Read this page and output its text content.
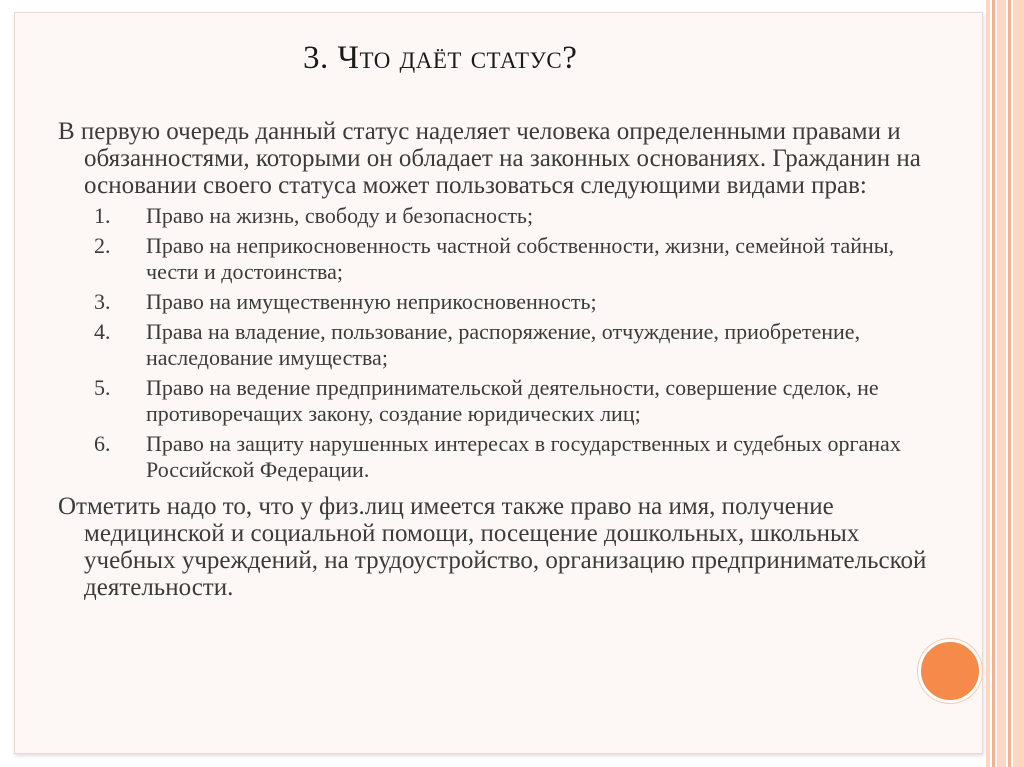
3. Что даёт статус?

В первую очередь данный статус наделяет человека определенными правами и обязанностями, которыми он обладает на законных основаниях. Гражданин на основании своего статуса может пользоваться следующими видами прав:

1. Право на жизнь, свободу и безопасность;
2. Право на неприкосновенность частной собственности, жизни, семейной тайны, чести и достоинства;
3. Право на имущественную неприкосновенность;
4. Права на владение, пользование, распоряжение, отчуждение, приобретение, наследование имущества;
5. Право на ведение предпринимательской деятельности, совершение сделок, не противоречащих закону, создание юридических лиц;
6. Право на защиту нарушенных интересах в государственных и судебных органах Российской Федерации.

Отметить надо то, что у физ.лиц имеется также право на имя, получение медицинской и социальной помощи, посещение дошкольных, школьных учебных учреждений, на трудоустройство, организацию предпринимательской деятельности.
